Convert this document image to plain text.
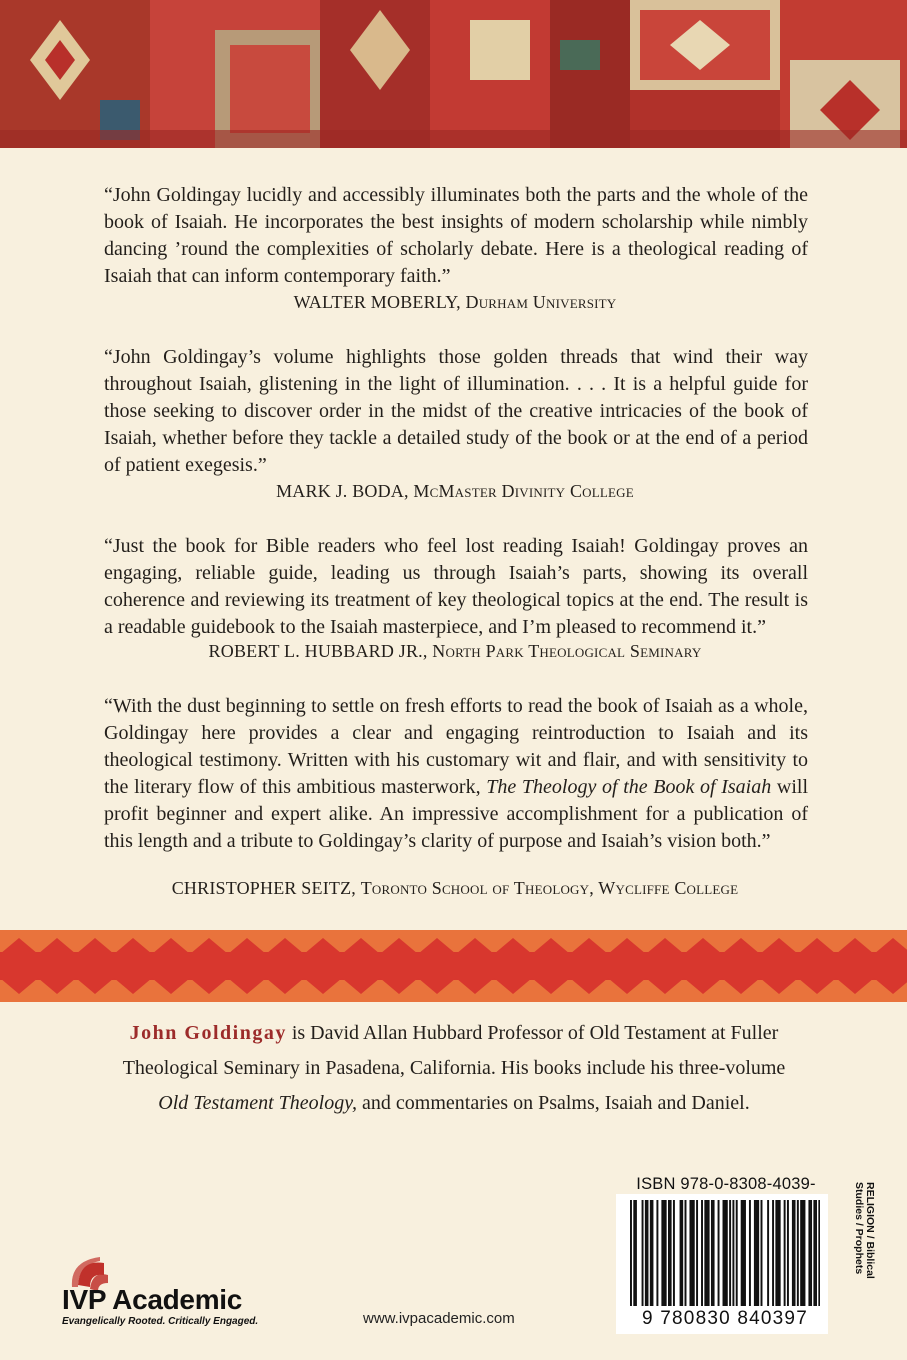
“John Goldingay lucidly and accessibly illuminates both the parts and the whole of the book of Isaiah. He incorporates the best insights of modern scholarship while nimbly dancing ’round the complexities of scholarly debate. Here is a theological reading of Isaiah that can inform contemporary faith.”

WALTER MOBERLY, Durham University

“John Goldingay’s volume highlights those golden threads that wind their way throughout Isaiah, glistening in the light of illumination. . . . It is a helpful guide for those seeking to discover order in the midst of the creative intricacies of the book of Isaiah, whether before they tackle a detailed study of the book or at the end of a period of patient exegesis.”

MARK J. BODA, McMaster Divinity College

“Just the book for Bible readers who feel lost reading Isaiah! Goldingay proves an engaging, reliable guide, leading us through Isaiah’s parts, showing its overall coherence and reviewing its treatment of key theological topics at the end. The result is a readable guidebook to the Isaiah masterpiece, and I’m pleased to recommend it.”

ROBERT L. HUBBARD JR., North Park Theological Seminary

“With the dust beginning to settle on fresh efforts to read the book of Isaiah as a whole, Goldingay here provides a clear and engaging reintroduction to Isaiah and its theological testimony. Written with his customary wit and flair, and with sensitivity to the literary flow of this ambitious masterwork, The Theology of the Book of Isaiah will profit beginner and expert alike. An impressive accomplishment for a publication of this length and a tribute to Goldingay’s clarity of purpose and Isaiah’s vision both.”

CHRISTOPHER SEITZ, Toronto School of Theology, Wycliffe College
John Goldingay is David Allan Hubbard Professor of Old Testament at Fuller Theological Seminary in Pasadena, California. His books include his three-volume Old Testament Theology, and commentaries on Psalms, Isaiah and Daniel.
ISBN 978-0-8308-4039-
9 780830 840397
RELIGION / Biblical Studies / Prophets
IVP Academic
Evangelically Rooted. Critically Engaged.	www.ivpacademic.com
